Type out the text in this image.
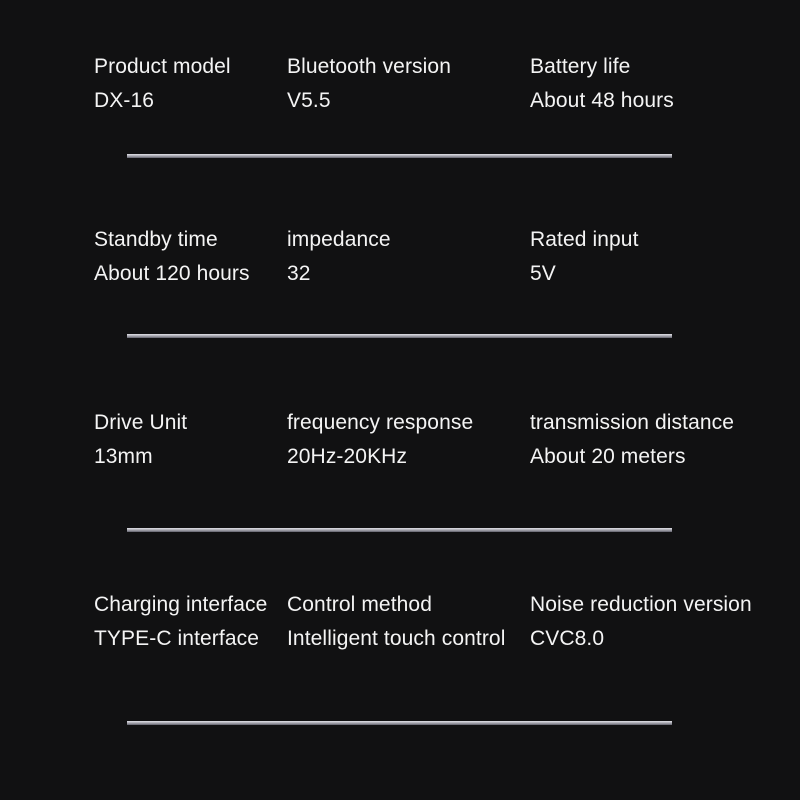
Product model
DX-16
Bluetooth version
V5.5
Battery life
About 48 hours
Standby time
About 120 hours
impedance
32
Rated input
5V
Drive Unit
13mm
frequency response
20Hz-20KHz
transmission distance
About 20 meters
Charging interface
TYPE-C interface
Control method
Intelligent touch control
Noise reduction version
CVC8.0
